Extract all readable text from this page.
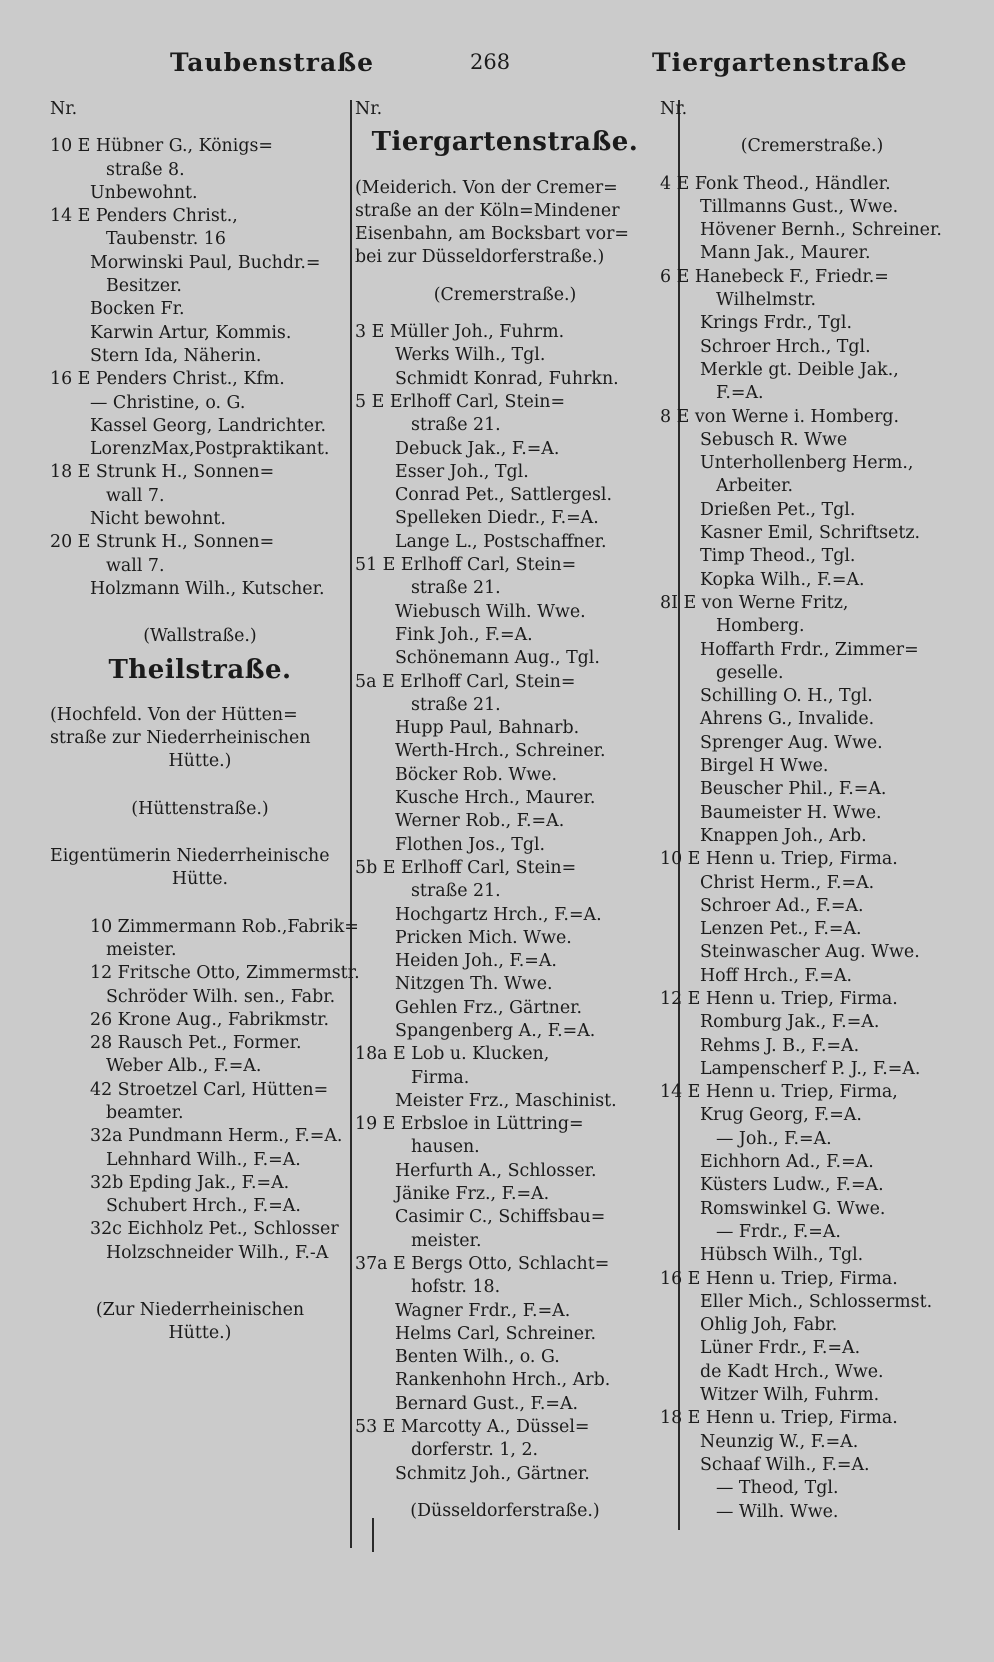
Taubenstraße	268	Tiergartenstraße
Nr.
10 E Hübner G., Königs=
straße 8.
Unbewohnt.
14 E Penders Christ.,
Taubenstr. 16
Morwinski Paul, Buchdr.=
Besitzer.
Bocken Fr.
Karwin Artur, Kommis.
Stern Ida, Näherin.
16 E Penders Christ., Kfm.
— Christine, o. G.
Kassel Georg, Landrichter.
LorenzMax,Postpraktikant.
18 E Strunk H., Sonnen=
wall 7.
Nicht bewohnt.
20 E Strunk H., Sonnen=
wall 7.
Holzmann Wilh., Kutscher.
(Wallstraße.)
Theilstraße.
(Hochfeld. Von der Hütten=
straße zur Niederrheinischen
Hütte.)
(Hüttenstraße.)
Eigentümerin Niederrheinische
Hütte.
10 Zimmermann Rob.,Fabrik=
meister.
12 Fritsche Otto, Zimmermstr.
Schröder Wilh. sen., Fabr.
26 Krone Aug., Fabrikmstr.
28 Rausch Pet., Former.
Weber Alb., F.=A.
42 Stroetzel Carl, Hütten=
beamter.
32a Pundmann Herm., F.=A.
Lehnhard Wilh., F.=A.
32b Epding Jak., F.=A.
Schubert Hrch., F.=A.
32c Eichholz Pet., Schlosser
Holzschneider Wilh., F.-A
(Zur Niederrheinischen
Hütte.)
Nr.
Tiergartenstraße.
(Meiderich. Von der Cremer=
straße an der Köln=Mindener
Eisenbahn, am Bocksbart vor=
bei zur Düsseldorferstraße.)
(Cremerstraße.)
3 E Müller Joh., Fuhrm.
Werks Wilh., Tgl.
Schmidt Konrad, Fuhrkn.
5 E Erlhoff Carl, Stein=
straße 21.
Debuck Jak., F.=A.
Esser Joh., Tgl.
Conrad Pet., Sattlergesl.
Spelleken Diedr., F.=A.
Lange L., Postschaffner.
51 E Erlhoff Carl, Stein=
straße 21.
Wiebusch Wilh. Wwe.
Fink Joh., F.=A.
Schönemann Aug., Tgl.
5a E Erlhoff Carl, Stein=
straße 21.
Hupp Paul, Bahnarb.
Werth-Hrch., Schreiner.
Böcker Rob. Wwe.
Kusche Hrch., Maurer.
Werner Rob., F.=A.
Flothen Jos., Tgl.
5b E Erlhoff Carl, Stein=
straße 21.
Hochgartz Hrch., F.=A.
Pricken Mich. Wwe.
Heiden Joh., F.=A.
Nitzgen Th. Wwe.
Gehlen Frz., Gärtner.
Spangenberg A., F.=A.
18a E Lob u. Klucken,
Firma.
Meister Frz., Maschinist.
19 E Erbsloe in Lüttring=
hausen.
Herfurth A., Schlosser.
Jänike Frz., F.=A.
Casimir C., Schiffsbau=
meister.
37a E Bergs Otto, Schlacht=
hofstr. 18.
Wagner Frdr., F.=A.
Helms Carl, Schreiner.
Benten Wilh., o. G.
Rankenhohn Hrch., Arb.
Bernard Gust., F.=A.
53 E Marcotty A., Düssel=
dorferstr. 1, 2.
Schmitz Joh., Gärtner.
(Düsseldorferstraße.)
Nr.
(Cremerstraße.)
4 E Fonk Theod., Händler.
Tillmanns Gust., Wwe.
Hövener Bernh., Schreiner.
Mann Jak., Maurer.
6 E Hanebeck F., Friedr.=
Wilhelmstr.
Krings Frdr., Tgl.
Schroer Hrch., Tgl.
Merkle gt. Deible Jak.,
F.=A.
8 E von Werne i. Homberg.
Sebusch R. Wwe
Unterhollenberg Herm.,
Arbeiter.
Drießen Pet., Tgl.
Kasner Emil, Schriftsetz.
Timp Theod., Tgl.
Kopka Wilh., F.=A.
8I E von Werne Fritz,
Homberg.
Hoffarth Frdr., Zimmer=
geselle.
Schilling O. H., Tgl.
Ahrens G., Invalide.
Sprenger Aug. Wwe.
Birgel H Wwe.
Beuscher Phil., F.=A.
Baumeister H. Wwe.
Knappen Joh., Arb.
10 E Henn u. Triep, Firma.
Christ Herm., F.=A.
Schroer Ad., F.=A.
Lenzen Pet., F.=A.
Steinwascher Aug. Wwe.
Hoff Hrch., F.=A.
12 E Henn u. Triep, Firma.
Romburg Jak., F.=A.
Rehms J. B., F.=A.
Lampenscherf P. J., F.=A.
14 E Henn u. Triep, Firma,
Krug Georg, F.=A.
— Joh., F.=A.
Eichhorn Ad., F.=A.
Küsters Ludw., F.=A.
Romswinkel G. Wwe.
— Frdr., F.=A.
Hübsch Wilh., Tgl.
16 E Henn u. Triep, Firma.
Eller Mich., Schlossermst.
Ohlig Joh, Fabr.
Lüner Frdr., F.=A.
de Kadt Hrch., Wwe.
Witzer Wilh, Fuhrm.
18 E Henn u. Triep, Firma.
Neunzig W., F.=A.
Schaaf Wilh., F.=A.
— Theod, Tgl.
— Wilh. Wwe.
